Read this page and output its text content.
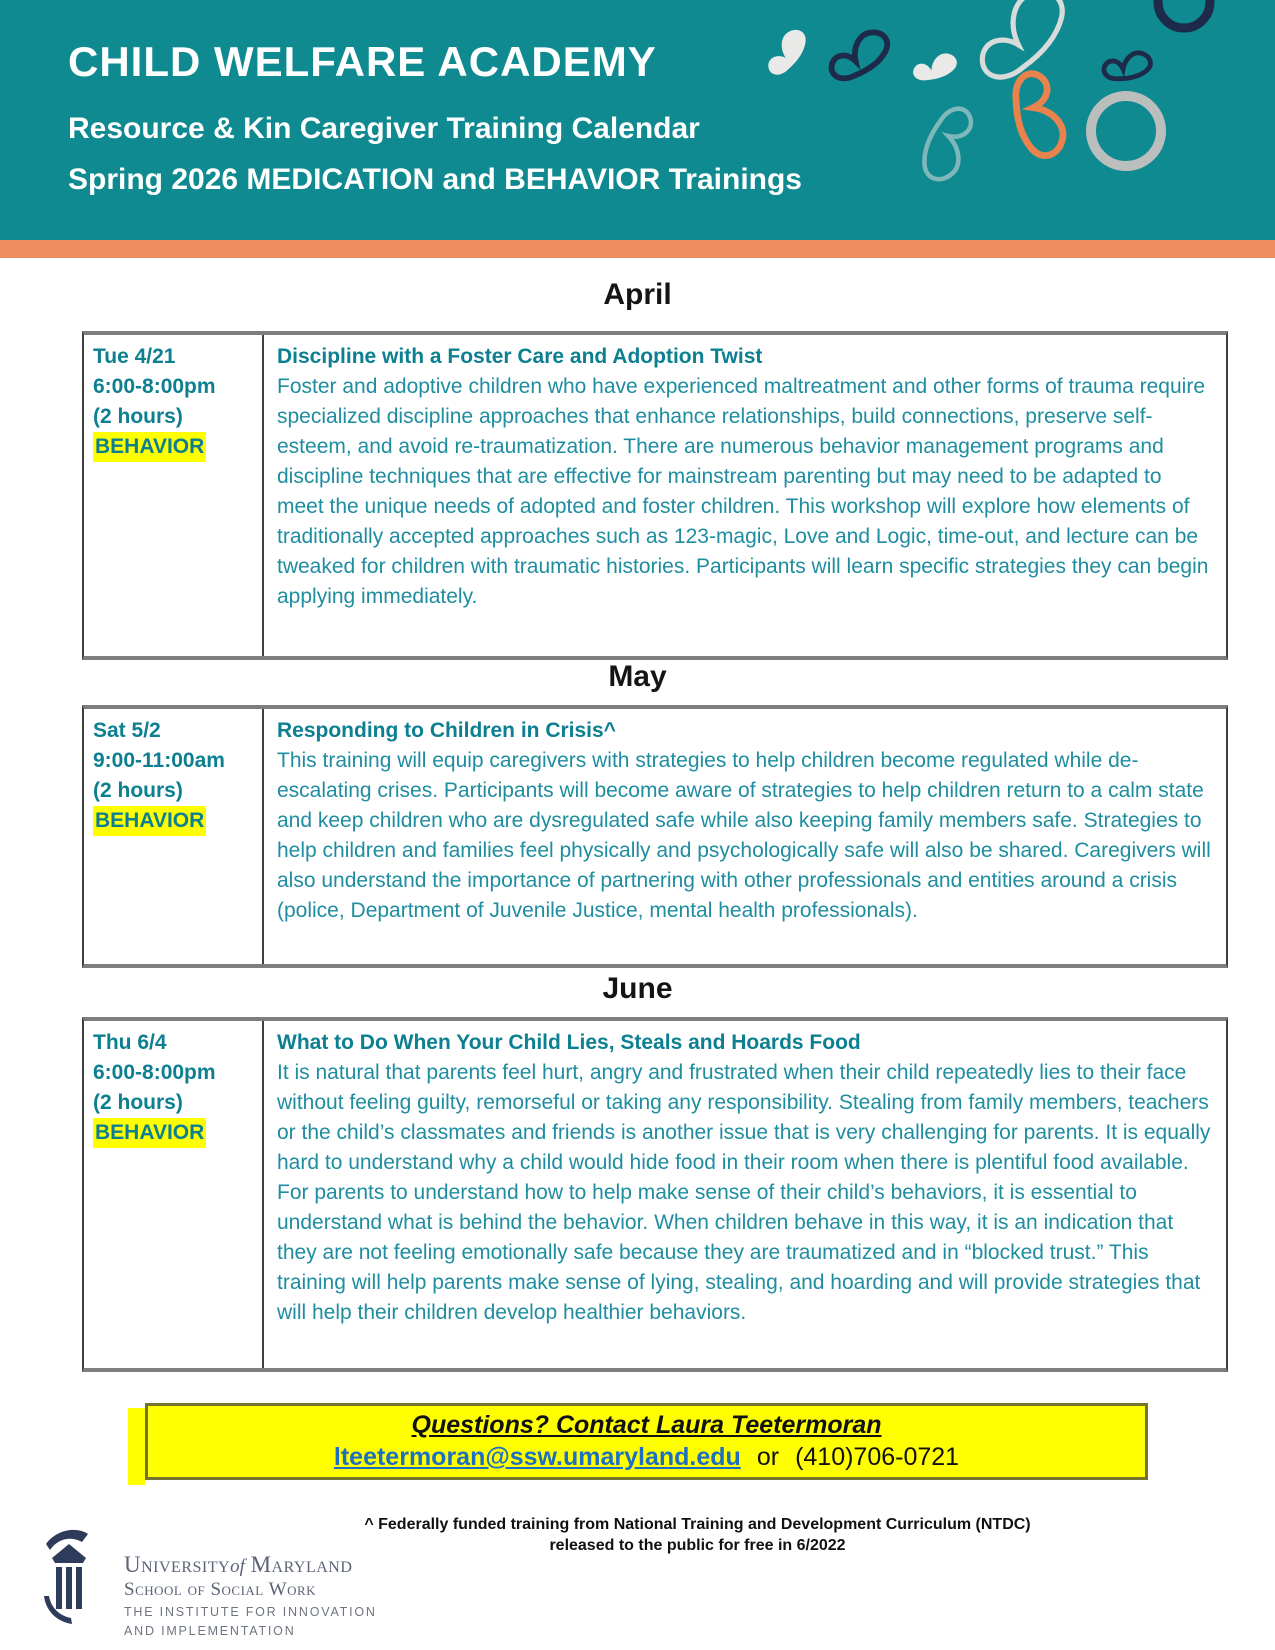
CHILD WELFARE ACADEMY
Resource & Kin Caregiver Training Calendar
Spring 2026 MEDICATION and BEHAVIOR Trainings
April
Tue 4/21
6:00-8:00pm
(2 hours)
BEHAVIOR
Discipline with a Foster Care and Adoption Twist
Foster and adoptive children who have experienced maltreatment and other forms of trauma require specialized discipline approaches that enhance relationships, build connections, preserve self-esteem, and avoid re-traumatization. There are numerous behavior management programs and discipline techniques that are effective for mainstream parenting but may need to be adapted to meet the unique needs of adopted and foster children. This workshop will explore how elements of traditionally accepted approaches such as 123-magic, Love and Logic, time-out, and lecture can be tweaked for children with traumatic histories. Participants will learn specific strategies they can begin applying immediately.
May
Sat 5/2
9:00-11:00am
(2 hours)
BEHAVIOR
Responding to Children in Crisis^
This training will equip caregivers with strategies to help children become regulated while de-escalating crises. Participants will become aware of strategies to help children return to a calm state and keep children who are dysregulated safe while also keeping family members safe. Strategies to help children and families feel physically and psychologically safe will also be shared. Caregivers will also understand the importance of partnering with other professionals and entities around a crisis (police, Department of Juvenile Justice, mental health professionals).
June
Thu 6/4
6:00-8:00pm
(2 hours)
BEHAVIOR
What to Do When Your Child Lies, Steals and Hoards Food
It is natural that parents feel hurt, angry and frustrated when their child repeatedly lies to their face without feeling guilty, remorseful or taking any responsibility. Stealing from family members, teachers or the child’s classmates and friends is another issue that is very challenging for parents. It is equally hard to understand why a child would hide food in their room when there is plentiful food available. For parents to understand how to help make sense of their child’s behaviors, it is essential to understand what is behind the behavior. When children behave in this way, it is an indication that they are not feeling emotionally safe because they are traumatized and in “blocked trust.” This training will help parents make sense of lying, stealing, and hoarding and will provide strategies that will help their children develop healthier behaviors.
Questions? Contact Laura Teetermoran
lteetermoran@ssw.umaryland.edu or (410)706-0721
^ Federally funded training from National Training and Development Curriculum (NTDC)
released to the public for free in 6/2022
Universityof Maryland
School of Social Work
THE INSTITUTE FOR INNOVATION
AND IMPLEMENTATION
